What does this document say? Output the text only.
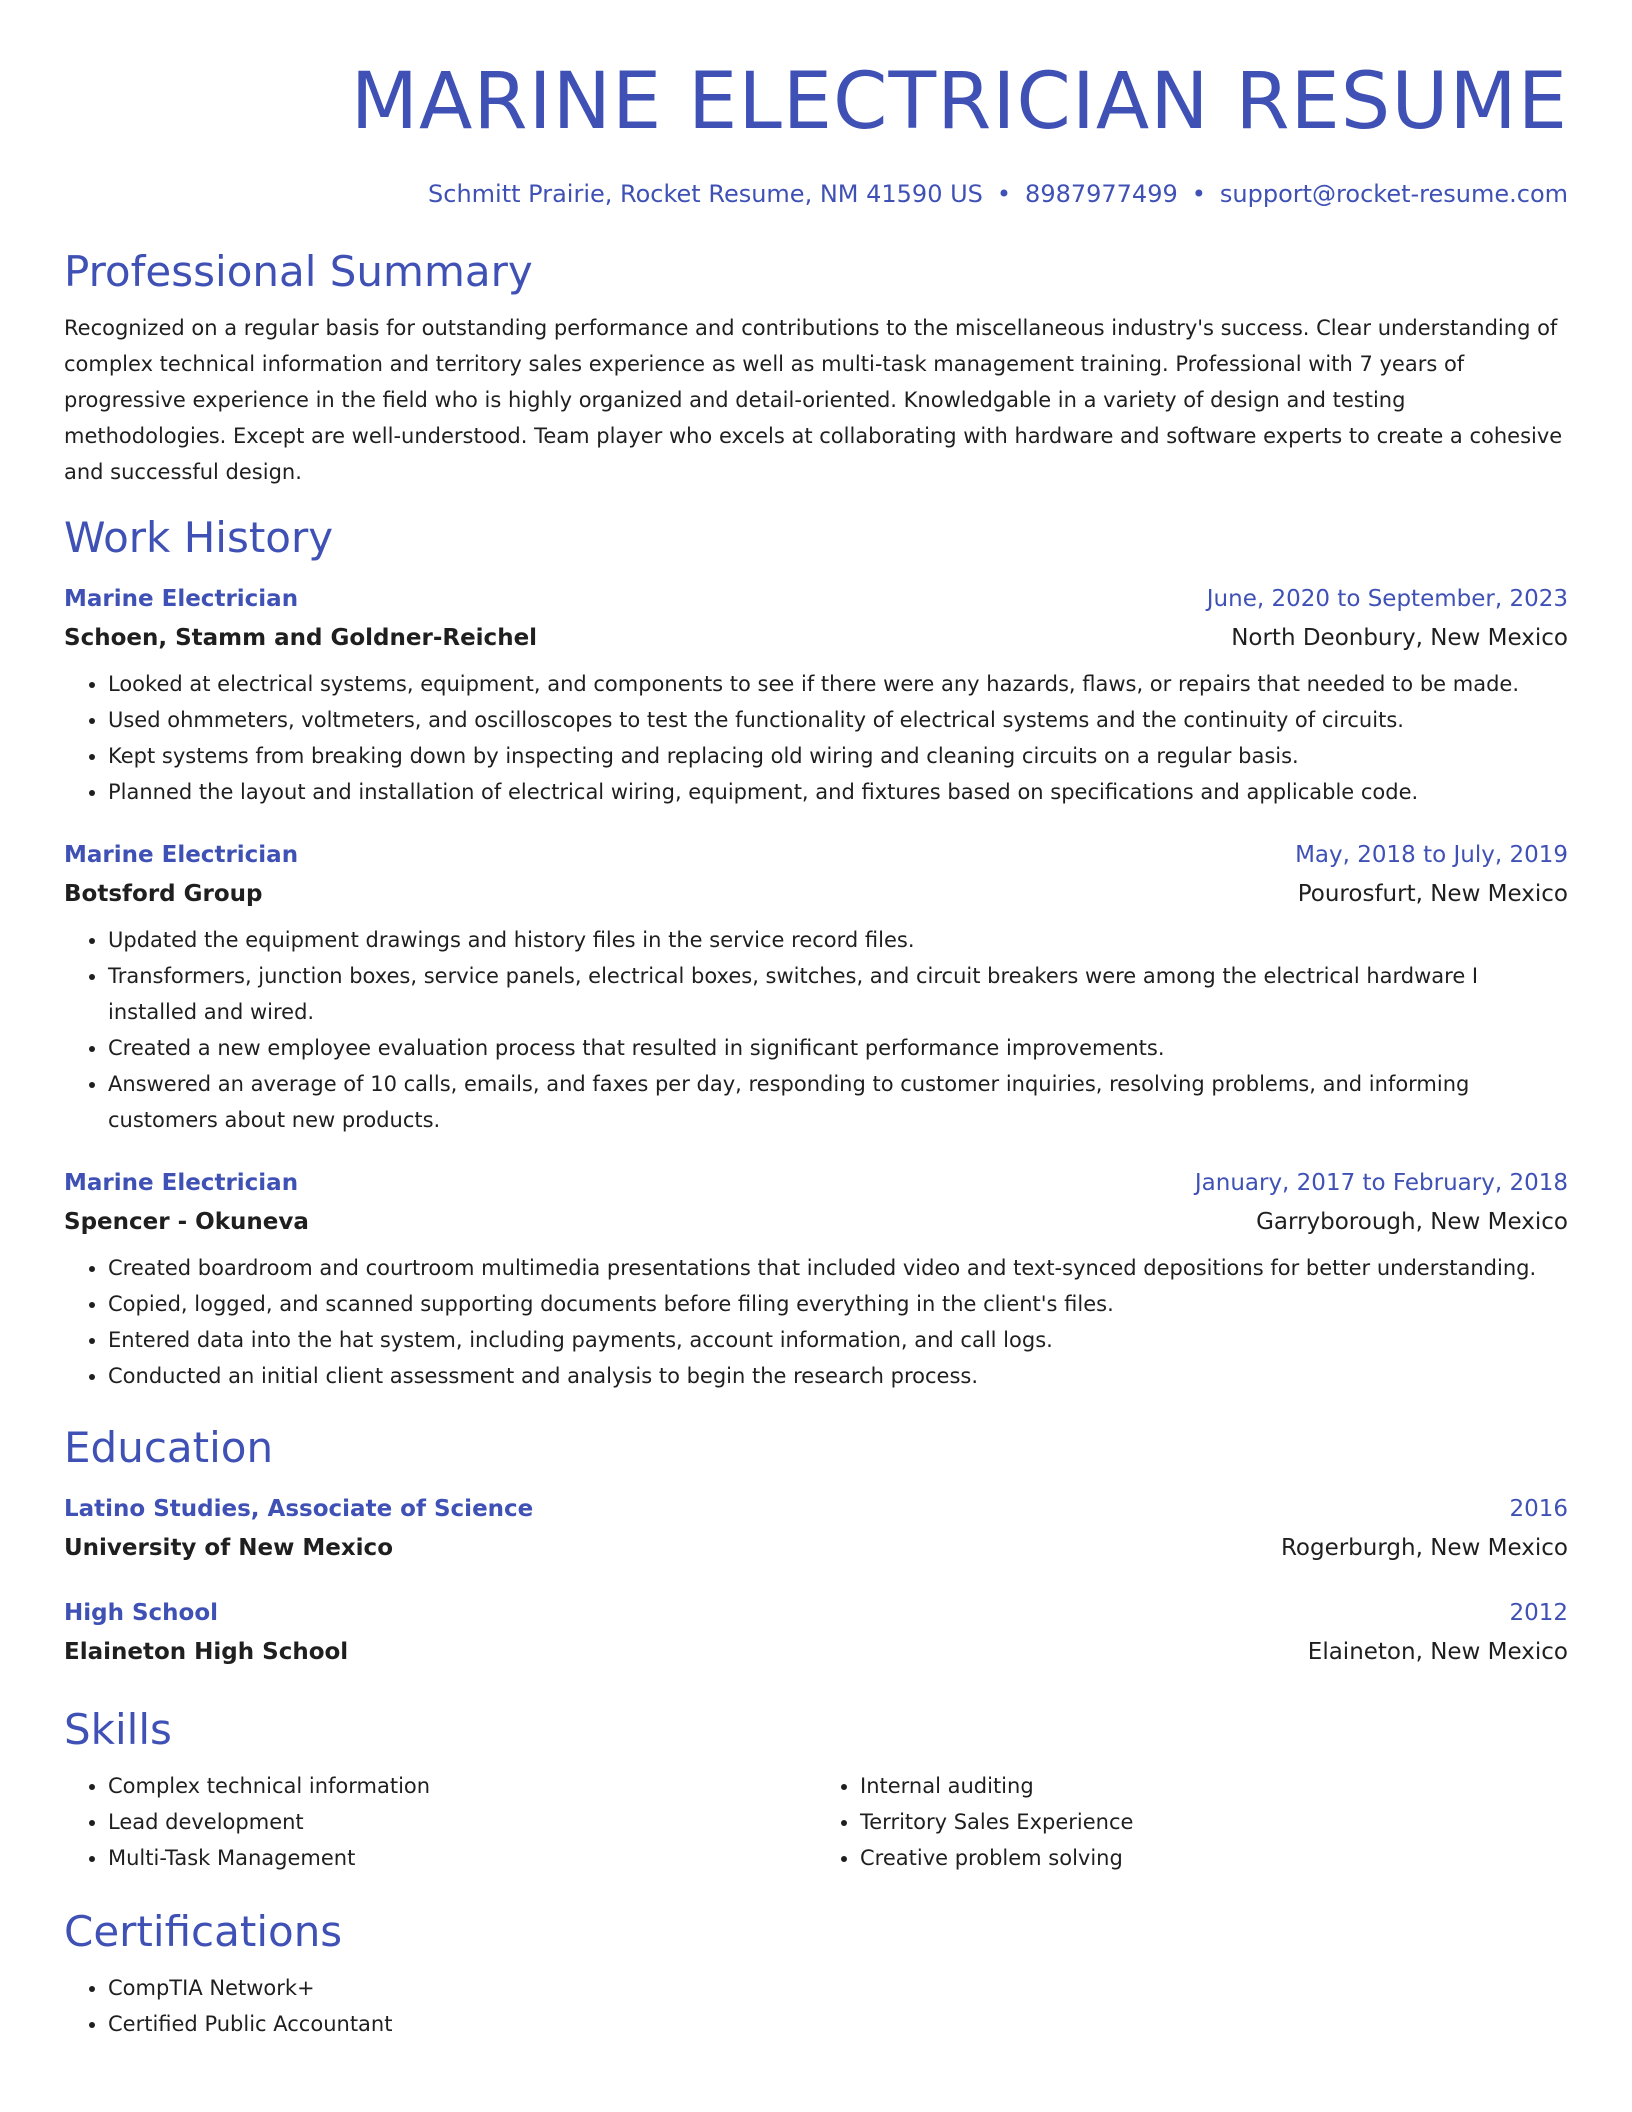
MARINE ELECTRICIAN RESUME
Schmitt Prairie, Rocket Resume, NM 41590 US • 8987977499 • support@rocket-resume.com
Professional Summary
Recognized on a regular basis for outstanding performance and contributions to the miscellaneous industry's success. Clear understanding of complex technical information and territory sales experience as well as multi-task management training. Professional with 7 years of progressive experience in the field who is highly organized and detail-oriented. Knowledgable in a variety of design and testing methodologies. Except are well-understood. Team player who excels at collaborating with hardware and software experts to create a cohesive and successful design.
Work History
Marine Electrician	June, 2020 to September, 2023
Schoen, Stamm and Goldner-Reichel	North Deonbury, New Mexico
• Looked at electrical systems, equipment, and components to see if there were any hazards, flaws, or repairs that needed to be made.
• Used ohmmeters, voltmeters, and oscilloscopes to test the functionality of electrical systems and the continuity of circuits.
• Kept systems from breaking down by inspecting and replacing old wiring and cleaning circuits on a regular basis.
• Planned the layout and installation of electrical wiring, equipment, and fixtures based on specifications and applicable code.
Marine Electrician	May, 2018 to July, 2019
Botsford Group	Pourosfurt, New Mexico
• Updated the equipment drawings and history files in the service record files.
• Transformers, junction boxes, service panels, electrical boxes, switches, and circuit breakers were among the electrical hardware I installed and wired.
• Created a new employee evaluation process that resulted in significant performance improvements.
• Answered an average of 10 calls, emails, and faxes per day, responding to customer inquiries, resolving problems, and informing customers about new products.
Marine Electrician	January, 2017 to February, 2018
Spencer - Okuneva	Garryborough, New Mexico
• Created boardroom and courtroom multimedia presentations that included video and text-synced depositions for better understanding.
• Copied, logged, and scanned supporting documents before filing everything in the client's files.
• Entered data into the hat system, including payments, account information, and call logs.
• Conducted an initial client assessment and analysis to begin the research process.
Education
Latino Studies, Associate of Science	2016
University of New Mexico	Rogerburgh, New Mexico
High School	2012
Elaineton High School	Elaineton, New Mexico
Skills
• Complex technical information
• Lead development
• Multi-Task Management
• Internal auditing
• Territory Sales Experience
• Creative problem solving
Certifications
• CompTIA Network+
• Certified Public Accountant
